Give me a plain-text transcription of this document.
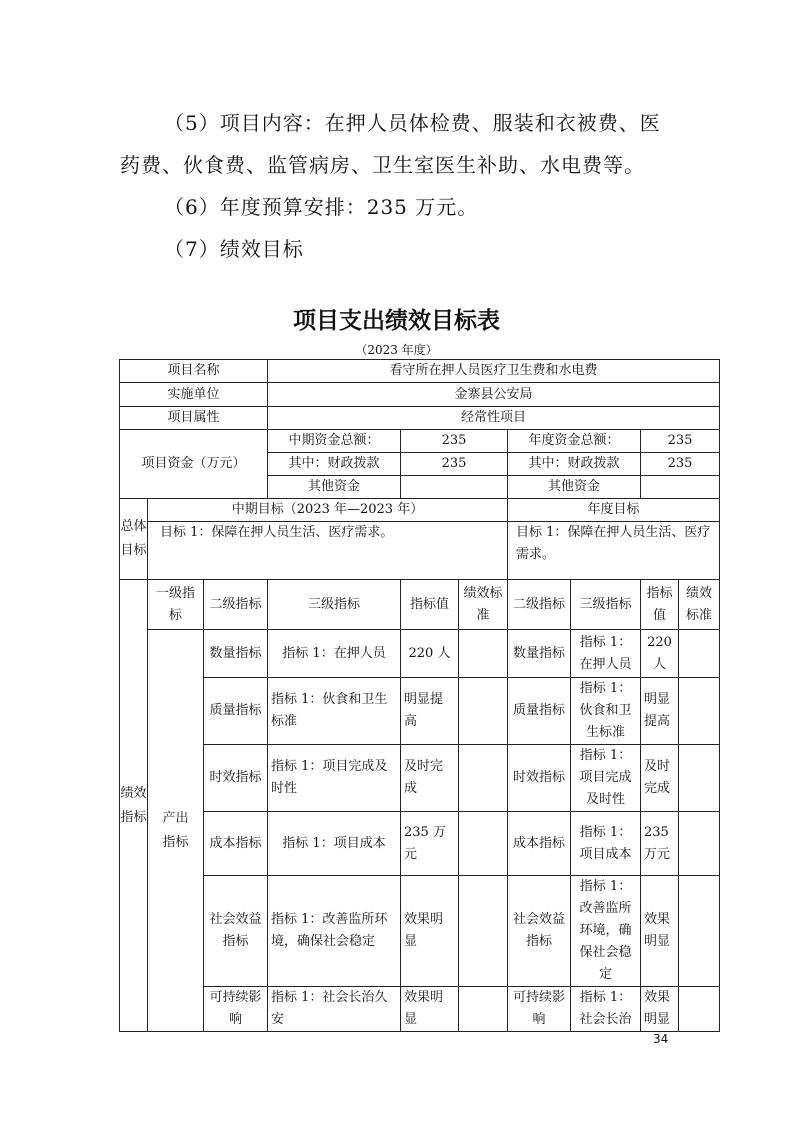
（5）项目内容：在押人员体检费、服装和衣被费、医药费、伙食费、监管病房、卫生室医生补助、水电费等。

（6）年度预算安排：235 万元。

（7）绩效目标

项目支出绩效目标表
（2023 年度）
项目名称			看守所在押人员医疗卫生费和水电费						
实施单位			金寨县公安局						
项目属性			经常性项目						
项目资金（万元）			中期资金总额：	235		年度资金总额：		235	
			其中：财政拨款	235		其中：财政拨款		235	
			其他资金			其他资金			
总体目标	中期目标（2023 年—2023 年）					年度目标			
	目标 1：保障在押人员生活、医疗需求。					目标 1：保障在押人员生活、医疗需求。			
绩效指标	一级指标	二级指标	三级指标	指标值	绩效标准	二级指标	三级指标	指标值	绩效标准
	产出指标	数量指标	指标 1：在押人员	220 人		数量指标	指标 1：在押人员	220 人	
		质量指标	指标 1：伙食和卫生标准	明显提高		质量指标	指标 1：伙食和卫生标准	明显提高	
		时效指标	指标 1：项目完成及时性	及时完成		时效指标	指标 1：项目完成及时性	及时完成	
		成本指标	指标 1：项目成本	235 万元		成本指标	指标 1：项目成本	235 万元	
		社会效益指标	指标 1：改善监所环境，确保社会稳定	效果明显		社会效益指标	指标 1：改善监所环境，确保社会稳定	效果明显	
		可持续影响	指标 1：社会长治久安	效果明显		可持续影响	指标 1：社会长治	效果明显	
34
